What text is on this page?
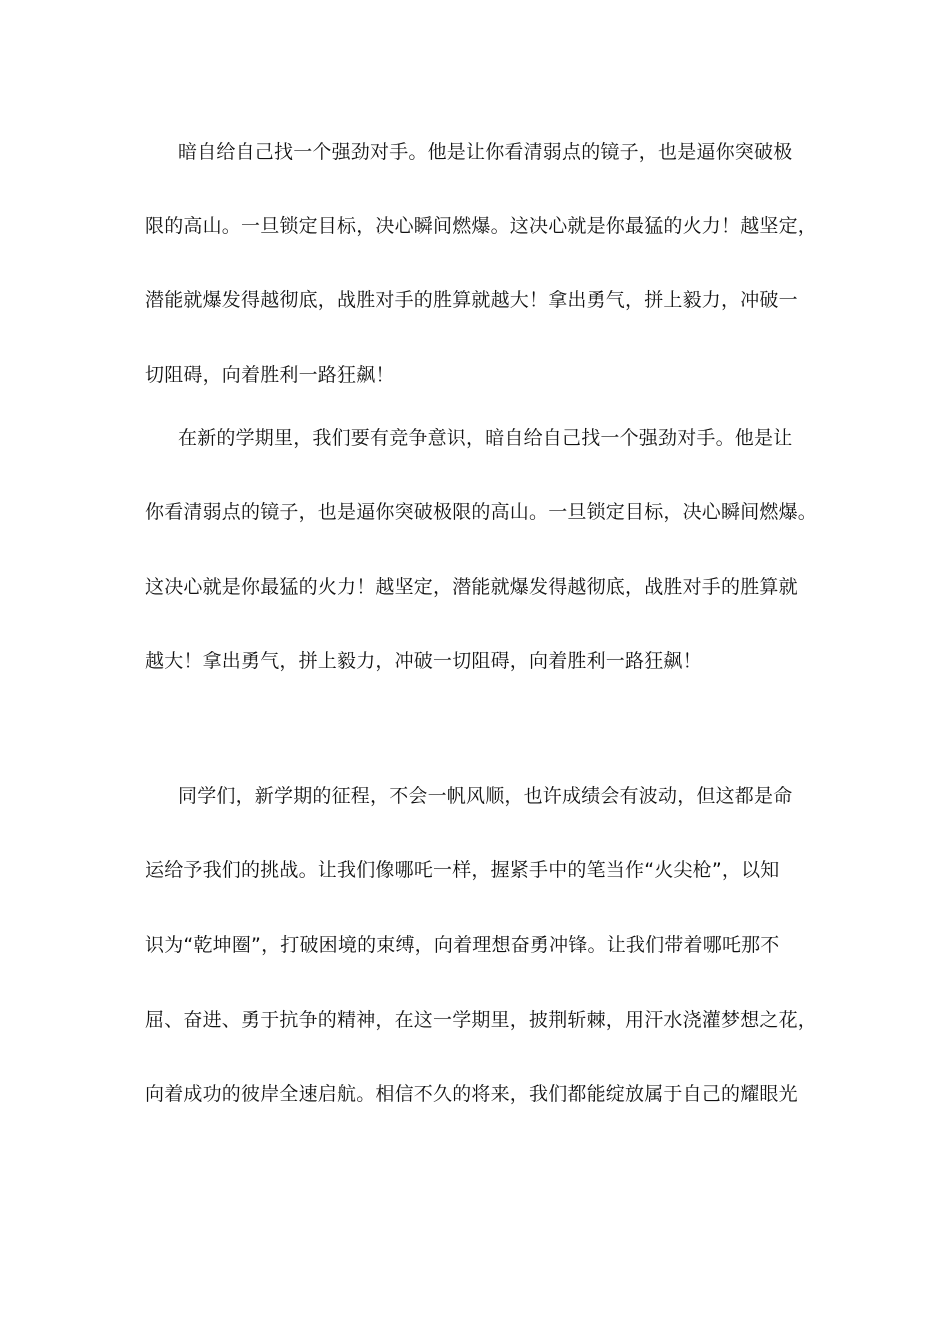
暗自给自己找一个强劲对手。他是让你看清弱点的镜子，也是逼你突破极
限的高山。一旦锁定目标，决心瞬间燃爆。这决心就是你最猛的火力！越坚定，
潜能就爆发得越彻底，战胜对手的胜算就越大！拿出勇气，拼上毅力，冲破一
切阻碍，向着胜利一路狂飙！
在新的学期里，我们要有竞争意识，暗自给自己找一个强劲对手。他是让
你看清弱点的镜子，也是逼你突破极限的高山。一旦锁定目标，决心瞬间燃爆。
这决心就是你最猛的火力！越坚定，潜能就爆发得越彻底，战胜对手的胜算就
越大！拿出勇气，拼上毅力，冲破一切阻碍，向着胜利一路狂飙！
同学们，新学期的征程，不会一帆风顺，也许成绩会有波动，但这都是命
运给予我们的挑战。让我们像哪吒一样，握紧手中的笔当作“火尖枪”，以知
识为“乾坤圈”，打破困境的束缚，向着理想奋勇冲锋。让我们带着哪吒那不
屈、奋进、勇于抗争的精神，在这一学期里，披荆斩棘，用汗水浇灌梦想之花，
向着成功的彼岸全速启航。相信不久的将来，我们都能绽放属于自己的耀眼光
